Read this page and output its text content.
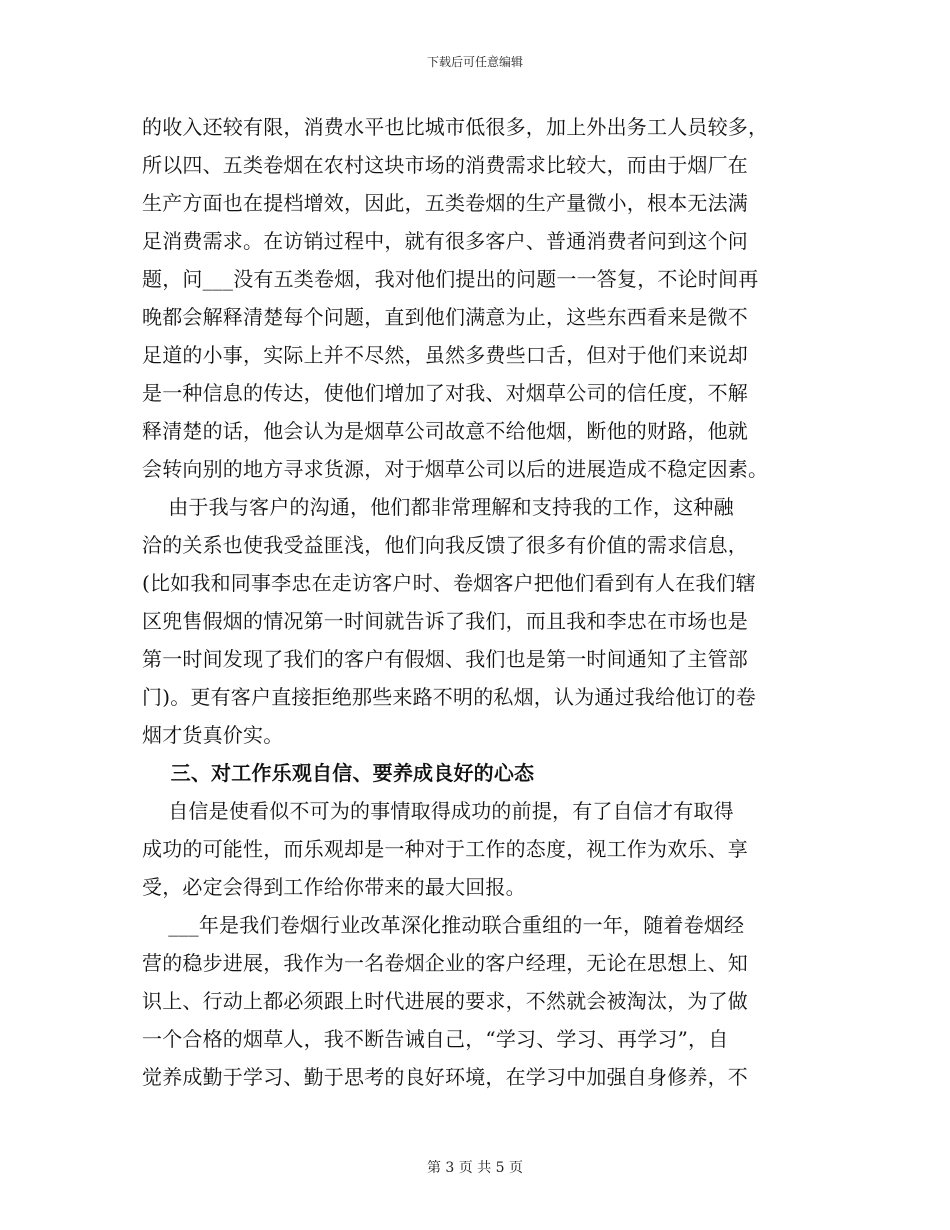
下载后可任意编辑
的收入还较有限，消费水平也比城市低很多，加上外出务工人员较多，
所以四、五类卷烟在农村这块市场的消费需求比较大，而由于烟厂在
生产方面也在提档增效，因此，五类卷烟的生产量微小，根本无法满
足消费需求。在访销过程中，就有很多客户、普通消费者问到这个问
题，问___没有五类卷烟，我对他们提出的问题一一答复，不论时间再
晚都会解释清楚每个问题，直到他们满意为止，这些东西看来是微不
足道的小事，实际上并不尽然，虽然多费些口舌，但对于他们来说却
是一种信息的传达，使他们增加了对我、对烟草公司的信任度，不解
释清楚的话，他会认为是烟草公司故意不给他烟，断他的财路，他就
会转向别的地方寻求货源，对于烟草公司以后的进展造成不稳定因素。
由于我与客户的沟通，他们都非常理解和支持我的工作，这种融
洽的关系也使我受益匪浅，他们向我反馈了很多有价值的需求信息，
(比如我和同事李忠在走访客户时、卷烟客户把他们看到有人在我们辖
区兜售假烟的情况第一时间就告诉了我们，而且我和李忠在市场也是
第一时间发现了我们的客户有假烟、我们也是第一时间通知了主管部
门)。更有客户直接拒绝那些来路不明的私烟，认为通过我给他订的卷
烟才货真价实。
三、对工作乐观自信、要养成良好的心态
自信是使看似不可为的事情取得成功的前提，有了自信才有取得
成功的可能性，而乐观却是一种对于工作的态度，视工作为欢乐、享
受，必定会得到工作给你带来的最大回报。
___年是我们卷烟行业改革深化推动联合重组的一年，随着卷烟经
营的稳步进展，我作为一名卷烟企业的客户经理，无论在思想上、知
识上、行动上都必须跟上时代进展的要求，不然就会被淘汰，为了做
一个合格的烟草人，我不断告诫自己，“学习、学习、再学习”，自
觉养成勤于学习、勤于思考的良好环境，在学习中加强自身修养，不
第 3 页 共 5 页
